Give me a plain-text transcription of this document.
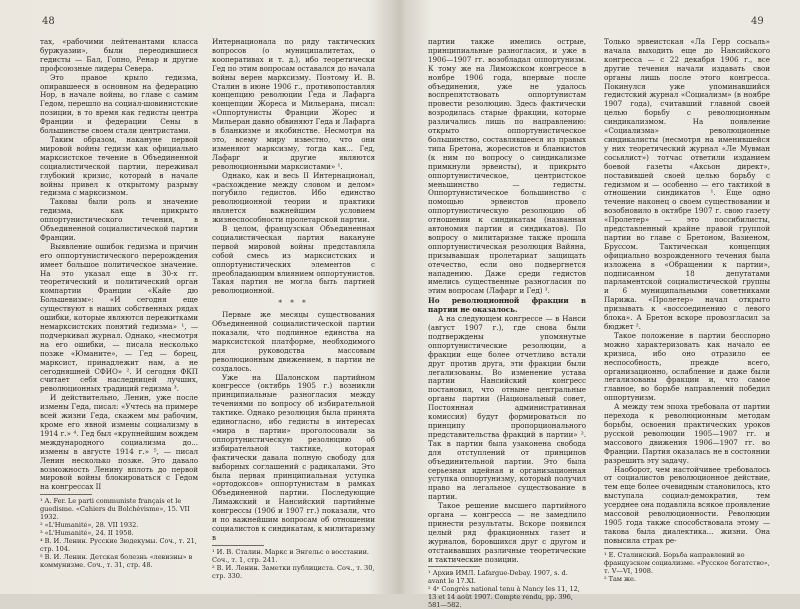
48

тах, «рабочими лейтенантами класса буржуазии», были переодившиеся гедисты — Бал, Гопно, Ренар и другие профсоюзные лидеры Севера.

Это правое крыло гедизма, опиравшееся в основном на федерацию Нор, в начале войны, во главе с самим Гедом, перешло на социал-шовинистские позиции, в то время как гедисты центра Франции и федерации Сены в большинстве своем стали центристами.

Таким образом, накануне первой мировой войны гедизм как официально марксистское течение в Объединенной социалистической партии, переживал глубокий кризис, который в начале войны привел к открытому разрыву гедизма с марксизмом.

Таковы были роль и значение гедизма, как прикрыто оппортунистического течения, в Объединенной социалистической партии Франции.

Выявление ошибок гедизма и причин его оппортунистического перерождения имеет большое политическое значение. На это указал еще в 30-х гг. теоретический и политический орган компартии Франции «Кайе дю Большевизм»: «И сегодня еще существуют в наших собственных рядах ошибки, которые являются пережитками немарксистских понятий гедизма» ¹, — подчеркивал журнал. Однако, «несмотря на его ошибки, — писала несколько позже «Юманите», — Гед — борец, марксист, принадлежит нам, а не сегодняшней СФИО» ². И сегодня ФКП считает себя наследницей лучших, революционных традиций гедизма ³.

И действительно, Ленин, уже после измены Геда, писал: «Учтесь на примере всей жизни Геда, скажем мы рабочим, кроме его явной измены социализму в 1914 г.» ⁴. Гед был «крупнейшим вождем международного социализма до... измены в августе 1914 г.» ⁵, — писал Ленин несколько позже. Это давало возможность Ленину вплоть до первой мировой войны блокироваться с Гедом на конгрессах II

¹ A. Fer. Le parti communiste français et le guedisme. «Cahiers du Bolchévisme», 15. VII 1932.

² «L'Humanité», 28. VII 1932.

³ «L'Humanité», 24. II 1958.

⁴ В. И. Ленин. Русские Зюдекумы. Соч., т. 21, стр. 104.

⁵ В. И. Ленин. Детская болезнь «левизны» в коммунизме. Соч., т. 31, стр. 48.

Интернационала по ряду тактических вопросов (о муниципалитетах, о кооперативах и т. д.), ибо теоретически Гед по этим вопросам оставался до начала войны верен марксизму. Поэтому И. В. Сталин в июне 1906 г., противопоставляя концепцию революции Геда и Лафарга концепции Жореса и Мильерана, писал: «Оппортунисты Франции Жорес и Мильеран давно обвиняют Геда и Лафарга в бланкизме и якобинстве. Несмотря на это, всему миру известно, что они изменяют марксизму, тогда как... Гед, Лафарг и другие являются революционными марксистами» ¹.

Однако, как и весь II Интернационал, «расхождение между словом и делом» погубило гедистов. Ибо единство революционной теории и практики является важнейшим условием жизнеспособности пролетарской партии.

В целом, французская Объединенная социалистическая партия накануне первой мировой войны представляла собой смесь из марксистских и оппортунистических элементов с преобладающим влиянием оппортунистов. Такая партия не могла быть партией революционной.

* * *

Первые же месяцы существования Объединенной социалистической партии показали, что подлинное единства на марксистской платформе, необходимого для руководства массовым революционным движением, в партии не создалось.

Уже на Шалонском партийном конгрессе (октябрь 1905 г.) возникли принципиальные разногласия между течениями по вопросу об избирательной тактике. Однако резолюция была принята единогласно, ибо гедисты в интересах «мира в партии» проголосовали за оппортунистическую резолюцию об избирательной тактике, которая фактически давала полную свободу для выборных соглашений с радикалами. Это была первая принципиальная уступка «ортодоксов» оппортунистам в рамках Объединенной партии. Последующие Лимажский и Нансийский партийные конгрессы (1906 и 1907 гг.) показали, что и по важнейшим вопросам об отношении социалистов к синдикатам, к милитаризму в

¹ И. В. Сталин. Маркс и Энгельс о восстании. Соч., т. 1, стр. 241.

² В. И. Ленин. Заметки публициста. Соч., т. 30, стр. 330.

49

партии также имелись острые, принципиальные разногласия, и уже в 1906—1907 гг. возобладал оппортунизм. К тому же на Лиможском конгрессе в ноябре 1906 года, впервые после объединения, уже не удалось воспрепятствовать оппортунистам провести резолюцию. Здесь фактически возродилась старые фракции, которые различались лишь по направлению: открыто оппортунистическое большинство, составлявшееся из правых типа Бретона, жоресистов и бланкистов (к ним по вопросу о синдикализме примкнули эрвеисты), и прикрыто оппортунистическое, центристское меньшинство — гедисты. Оппортунистическое большинство с помощью эрвеистов провело оппортунистическую резолюцию об отношении к синдикатам (названная автономия партии и синдикатов). По вопросу о милитаризме также прошла оппортунистическая резолюция Вайяна, призывавшая пролетариат защищать отечество, если оно подвергнется нападению. Даже среди гедистов имелись существенные разногласия по этим вопросам (Лафарг и Гед) ¹.

Но революционной фракции в партии не оказалось.

А на следующем конгрессе — в Нанси (август 1907 г.), где снова были подтверждены упомянутые оппортунистические резолюции, а фракции еще более отчетливо встали друг против друга, эти фракции были легализованы. Во изменение устава партии Нансийский конгресс постановил, что отныне центральные органы партии (Национальный совет, Постоянная административная комиссия) будут формироваться по принципу пропорционального представительства фракций в партии» ². Так в партии была узаконена свобода для отступлений от принципов объединительной партии. Это была серьезная идейная и организационная уступка оппортунизму, который получил право на легальное существование в партии.

Такое решение высшего партийного органа — конгресса — не замедлило принести результаты. Вскоре появился целый ряд фракционных газет и журналов, боровшихся друг с другом и отстаивавших различные теоретические и тактические позиции.

¹ Архив ИМЛ. Lafargue-Debay. 1907, s. d. avant le 17.XI.

² 4ᵉ Congrès national tenu à Nancy les 11, 12, 13 et 14 août 1907. Compte rendu, pp. 396, 581—582.

Только эрвеистская «Ла Герр сосьаль» начала выходить еще до Нансийского конгресса — с 22 декабря 1906 г., все другие течения начали издавать свои органы лишь после этого конгресса. Покинулся уже упоминавшийся гедистский журнал «Социализм» (в ноябре 1907 года), считавший главной своей целью борьбу с революционным синдикализмом. На появление «Социализма» революционные синдикалисты (несмотря на именившейся у них теоретический журнал «Ле Мувман сосьялист») тотчас ответили изданием боевой газеты «Аксьон директ», поставившей своей целью борьбу с гедизмом и — особенно — его тактикой в отношении синдикатов ¹. Еще одно течение наконец о своем существовании и возобновило в октябре 1907 г. свою газету «Пролетер» — это поссибилисты, представленный крайне правой группой партии во главе с Бретоном, Вазиеном, Бруссом. Тактическая концепция официально возрожденного течения была изложена в «Обращении к партии», подписанном 18 депутатами парламентской социалистической группы и 6 муниципальными советниками Парижа. «Пролетер» начал открыто призывать к «воссоединению с левого блока». А Бретон вскоре провозгласил за бюджет ².

Такое положение в партии бесспорно можно характеризовать как начало ее кризиса, ибо оно отразило ее неспособность, прежде всего, организационно, ослабление и даже были легализованы фракции и, что самое главное, во борьбе направлений победил оппортунизм.

А между тем эпоха требовала от партии перехода к революционным методам борьбы, освоения практических уроков русской революции 1905—1907 гг. и массового движения 1906—1907 гг. во Франции. Партия оказалась не в состоянии разрешить эту задачу.

Наоборот, чем настойчивее требовалось от социалистов революционное действие, тем еще более очевидным становилось, кто выступала социал-демократия, тем усерднее она подавляла всякое проявление массовой революционности. Революции 1905 года также способствовала этому — такова была диалектика... жизни. Она повысила страх ре-

¹ Е. Сталинский. Борьба направлений во французском социализме. «Русское богатство», т. V—VI, 1908.

² Там же.
